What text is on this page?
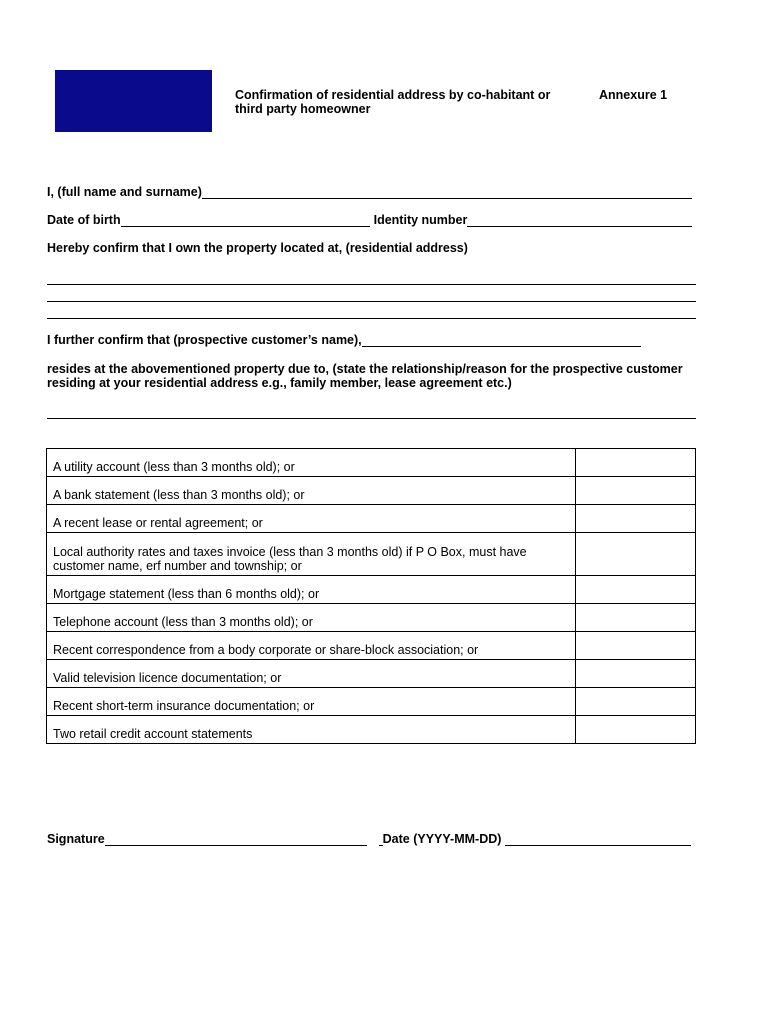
Confirmation of residential address by co-habitant or third party homeowner
Annexure 1
I, (full name and surname)
Date of birth	Identity number
Hereby confirm that I own the property located at, (residential address)
I further confirm that (prospective customer’s name),
resides at the abovementioned property due to, (state the relationship/reason for the prospective customer residing at your residential address e.g., family member, lease agreement etc.)
A utility account (less than 3 months old); or	
A bank statement (less than 3 months old); or	
A recent lease or rental agreement; or	
Local authority rates and taxes invoice (less than 3 months old) if P O Box, must have customer name, erf number and township; or	
Mortgage statement (less than 6 months old); or	
Telephone account (less than 3 months old); or	
Recent correspondence from a body corporate or share-block association; or	
Valid television licence documentation; or	
Recent short-term insurance documentation; or	
Two retail credit account statements	
Signature	Date (YYYY-MM-DD)
